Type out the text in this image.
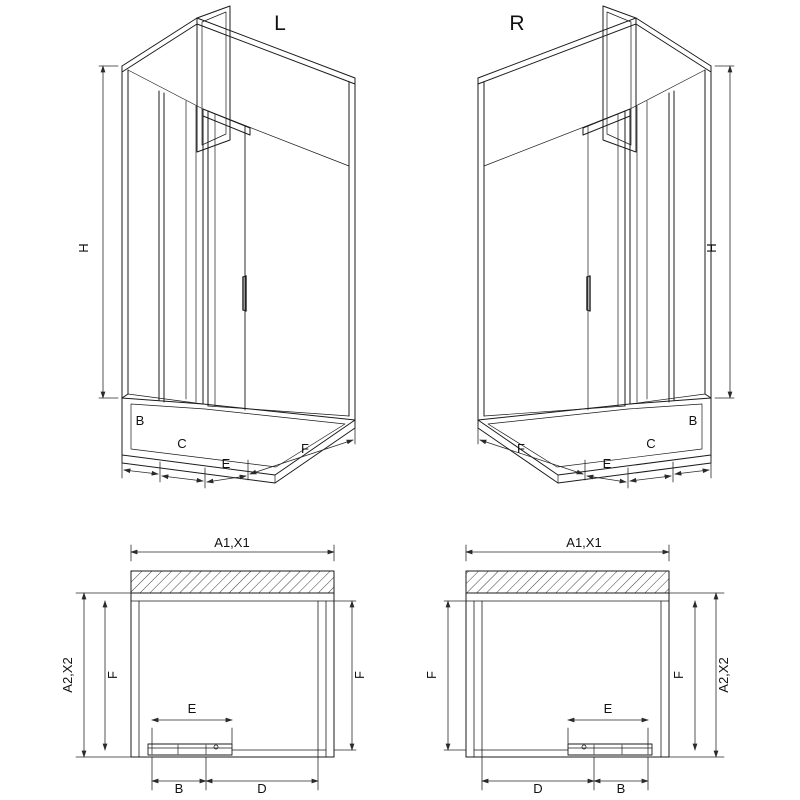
L	R
H	H
B
C
E
F	F
E
C
B
A1,X1	A1,X1
A2,X2	A2,X2
F	F	F	F
E	E
B	D	D	B
